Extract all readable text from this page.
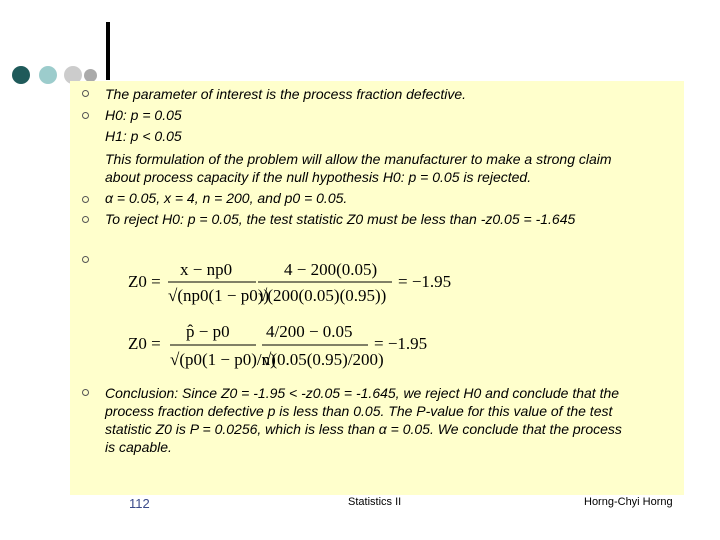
The parameter of interest is the process fraction defective.
H0: p = 0.05
H1: p < 0.05
This formulation of the problem will allow the manufacturer to make a strong claim
about process capacity if the null hypothesis H0: p = 0.05 is rejected.
α = 0.05, x = 4, n = 200, and p0 = 0.05.
To reject H0: p = 0.05, the test statistic Z0 must be less than -z0.05 = -1.645
Z0 =
x − np0
√(np0(1 − p0))
4 − 200(0.05)
√(200(0.05)(0.95))
= −1.95
Z0 =
p̂ − p0
√(p0(1 − p0)/n)
4/200 − 0.05
√(0.05(0.95)/200)
= −1.95
Conclusion: Since Z0 = -1.95 < -z0.05 = -1.645, we reject H0 and conclude that the
process fraction defective p is less than 0.05. The P-value for this value of the test
statistic Z0 is P = 0.0256, which is less than α = 0.05. We conclude that the process
is capable.
112	Statistics II	Horng-Chyi Horng
